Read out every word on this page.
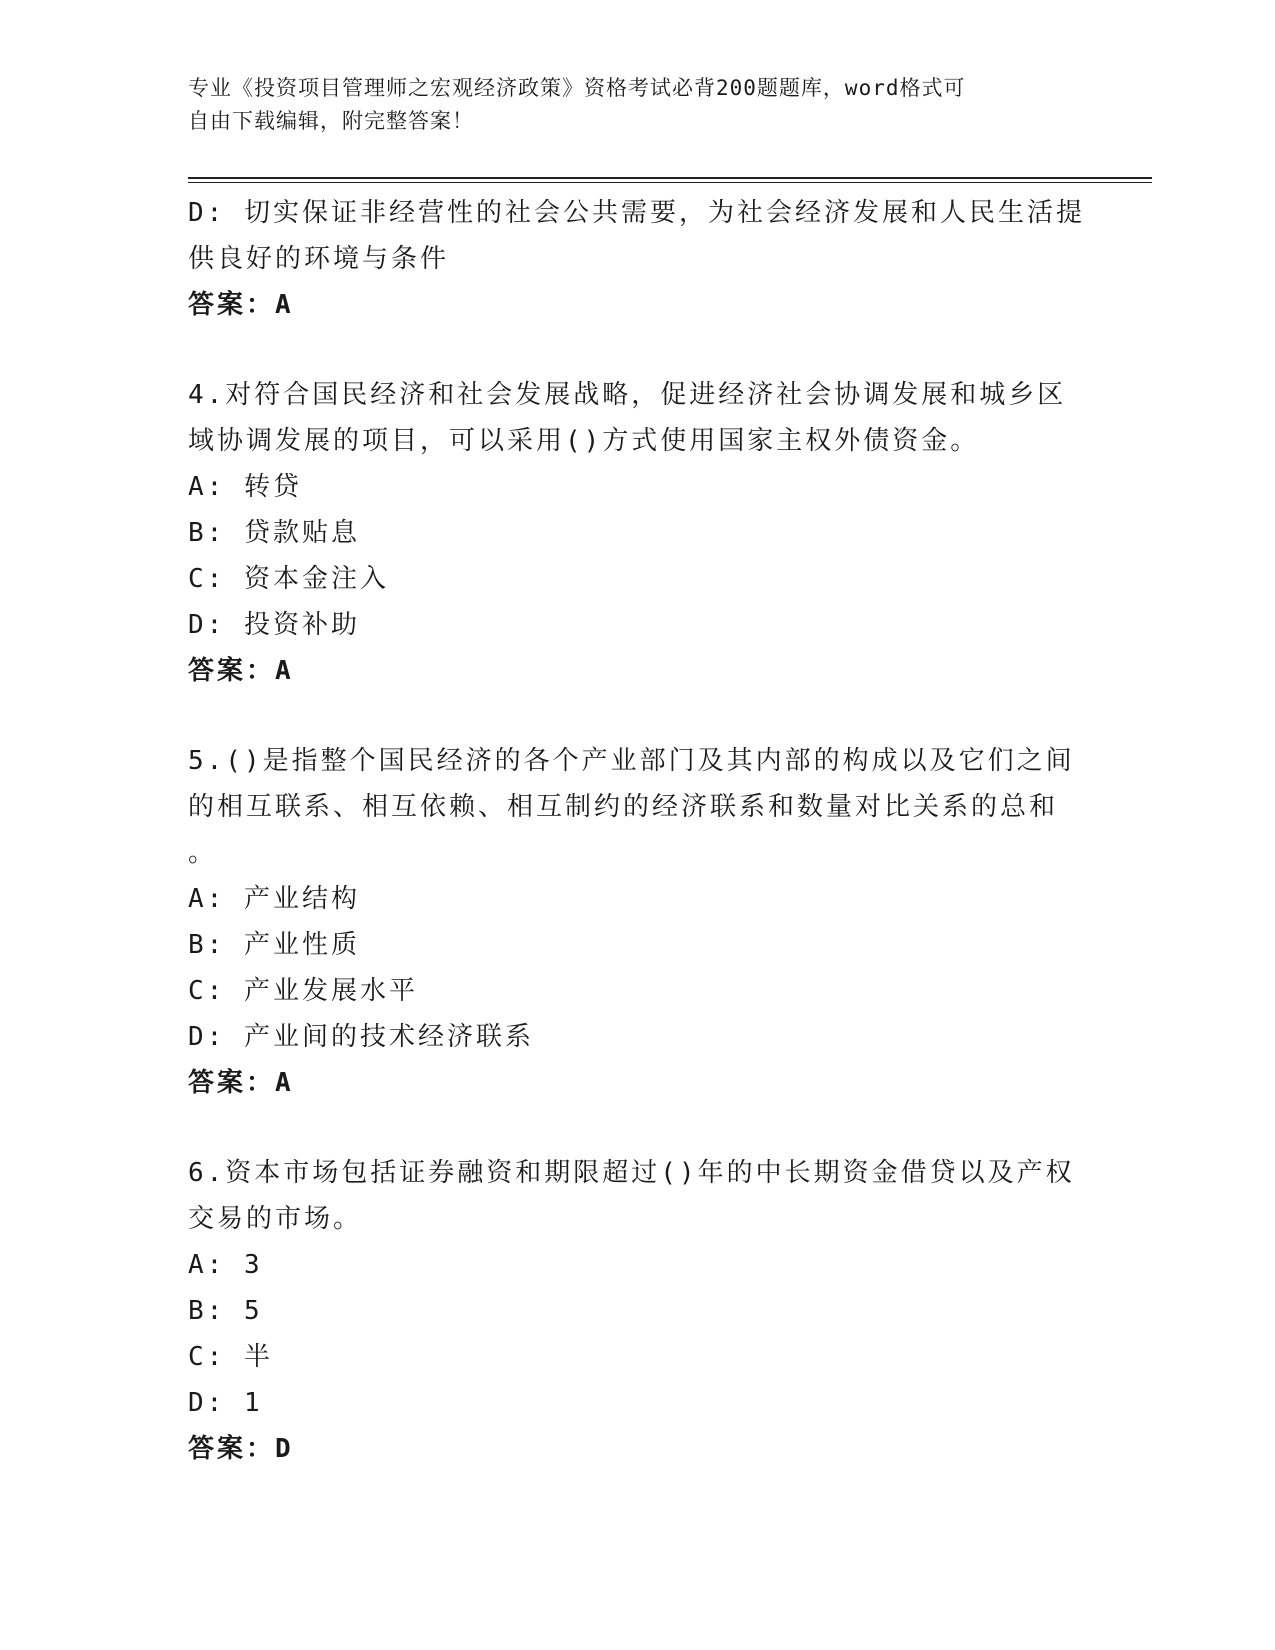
专业《投资项目管理师之宏观经济政策》资格考试必背200题题库，word格式可
自由下载编辑，附完整答案！
D: 切实保证非经营性的社会公共需要，为社会经济发展和人民生活提
供良好的环境与条件
答案：A
4.对符合国民经济和社会发展战略，促进经济社会协调发展和城乡区
域协调发展的项目，可以采用()方式使用国家主权外债资金。
A: 转贷
B: 贷款贴息
C: 资本金注入
D: 投资补助
答案：A
5.()是指整个国民经济的各个产业部门及其内部的构成以及它们之间
的相互联系、相互依赖、相互制约的经济联系和数量对比关系的总和
。
A: 产业结构
B: 产业性质
C: 产业发展水平
D: 产业间的技术经济联系
答案：A
6.资本市场包括证券融资和期限超过()年的中长期资金借贷以及产权
交易的市场。
A: 3
B: 5
C: 半
D: 1
答案：D
